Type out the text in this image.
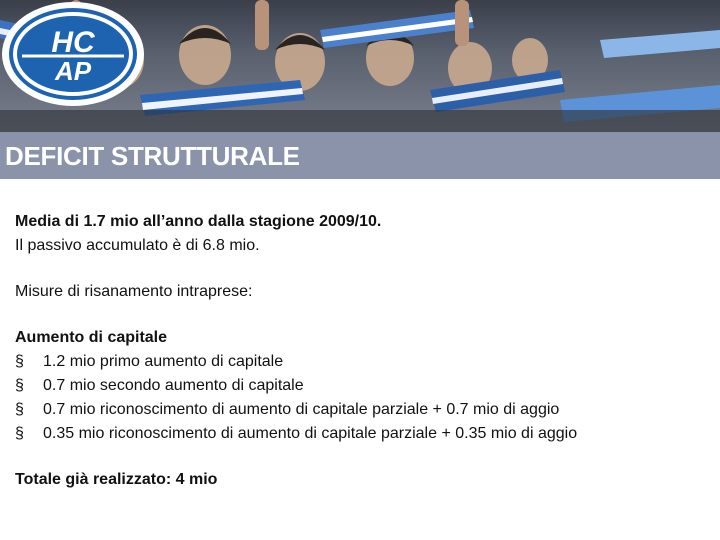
HC
AP
DEFICIT STRUTTURALE

Media di 1.7 mio all’anno dalla stagione 2009/10.

Il passivo accumulato è di 6.8 mio.

Misure di risanamento intraprese:

Aumento di capitale

§	1.2 mio primo aumento di capitale
§	0.7 mio secondo aumento di capitale
§	0.7 mio riconoscimento di aumento di capitale parziale + 0.7 mio di aggio
§	0.35 mio riconoscimento di aumento di capitale parziale + 0.35 mio di aggio

Totale già realizzato: 4 mio
